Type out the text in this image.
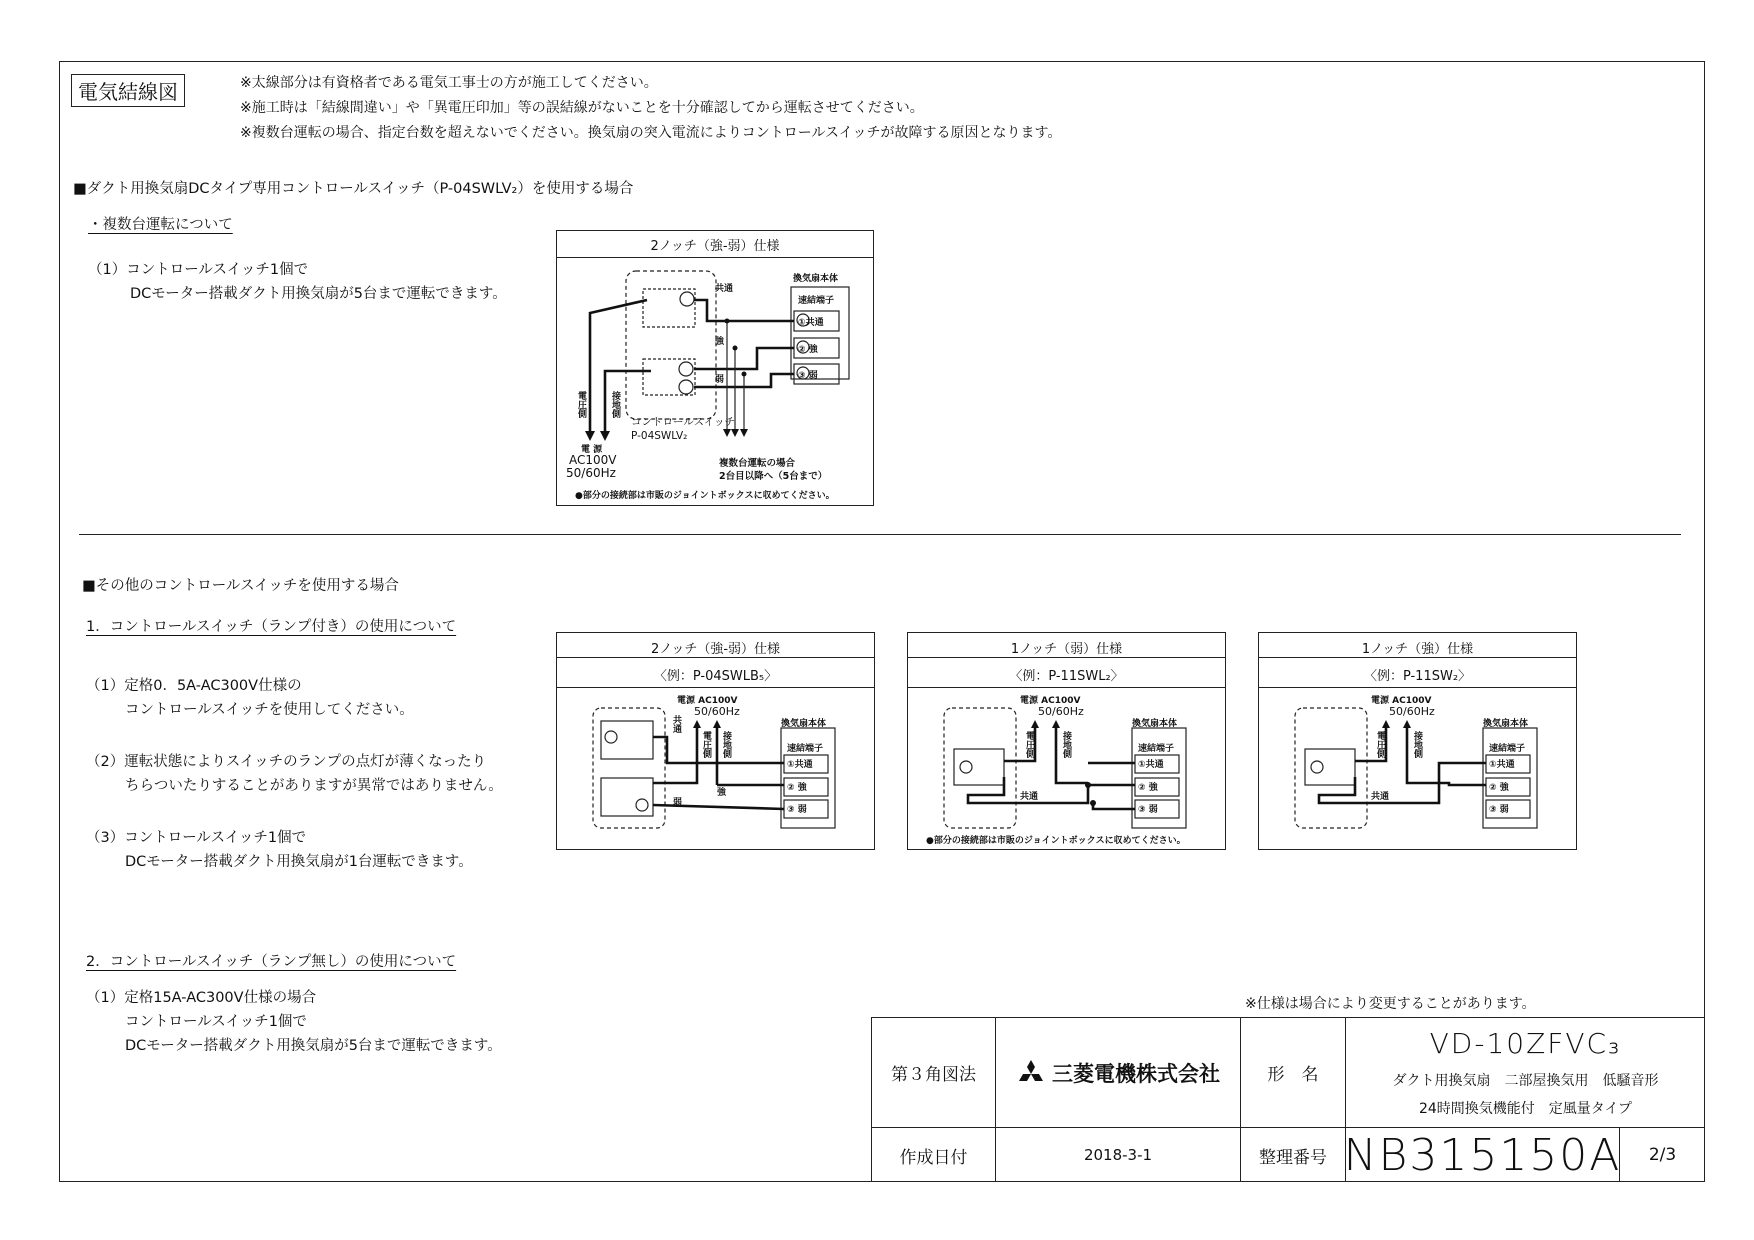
電気結線図	※太線部分は有資格者である電気工事士の方が施工してください。
※施工時は「結線間違い」や「異電圧印加」等の誤結線がないことを十分確認してから運転させてください。
※複数台運転の場合、指定台数を超えないでください。換気扇の突入電流によりコントロールスイッチが故障する原因となります。
■ダクト用換気扇DCタイプ専用コントロールスイッチ（P-04SWLV₂）を使用する場合
・複数台運転について
（1）コントロールスイッチ1個で
DCモーター搭載ダクト用換気扇が5台まで運転できます。
2ノッチ（強-弱）仕様
共通
強
弱
換気扇本体
速結端子
①共通
② 強
③ 弱
電圧側	接地側
コントロールスイッチ
P-04SWLV₂
電 源
AC100V
50/60Hz
複数台運転の場合
2台目以降へ（5台まで）
●部分の接続部は市販のジョイントボックスに収めてください。
■その他のコントロールスイッチを使用する場合
1．コントロールスイッチ（ランプ付き）の使用について
（1）定格0．5A-AC300V仕様の
コントロールスイッチを使用してください。
（2）運転状態によりスイッチのランプの点灯が薄くなったり
ちらついたりすることがありますが異常ではありません。
（3）コントロールスイッチ1個で
DCモーター搭載ダクト用換気扇が1台運転できます。
2．コントロールスイッチ（ランプ無し）の使用について
（1）定格15A-AC300V仕様の場合
コントロールスイッチ1個で
DCモーター搭載ダクト用換気扇が5台まで運転できます。
2ノッチ（強-弱）仕様
〈例：P-04SWLB₅〉
電源 AC100V
50/60Hz
換気扇本体
速結端子
①共通
② 強
③ 弱
共通
電圧側 接地側
強
弱
1ノッチ（弱）仕様
〈例：P-11SWL₂〉
電源 AC100V
50/60Hz
換気扇本体
速結端子
①共通
② 強
③ 弱
電圧側	接地側
共通
●部分の接続部は市販のジョイントボックスに収めてください。
1ノッチ（強）仕様
〈例：P-11SW₂〉
電源 AC100V
50/60Hz
換気扇本体
速結端子
①共通
② 強
③ 弱
電圧側	接地側
共通
※仕様は場合により変更することがあります。
第３角図法	三菱電機株式会社	形　名
VD-10ZFVC₃
ダクト用換気扇　二部屋換気用　低騒音形
24時間換気機能付　定風量タイプ
作成日付	2018-3-1	整理番号 NB315150A 2/3
